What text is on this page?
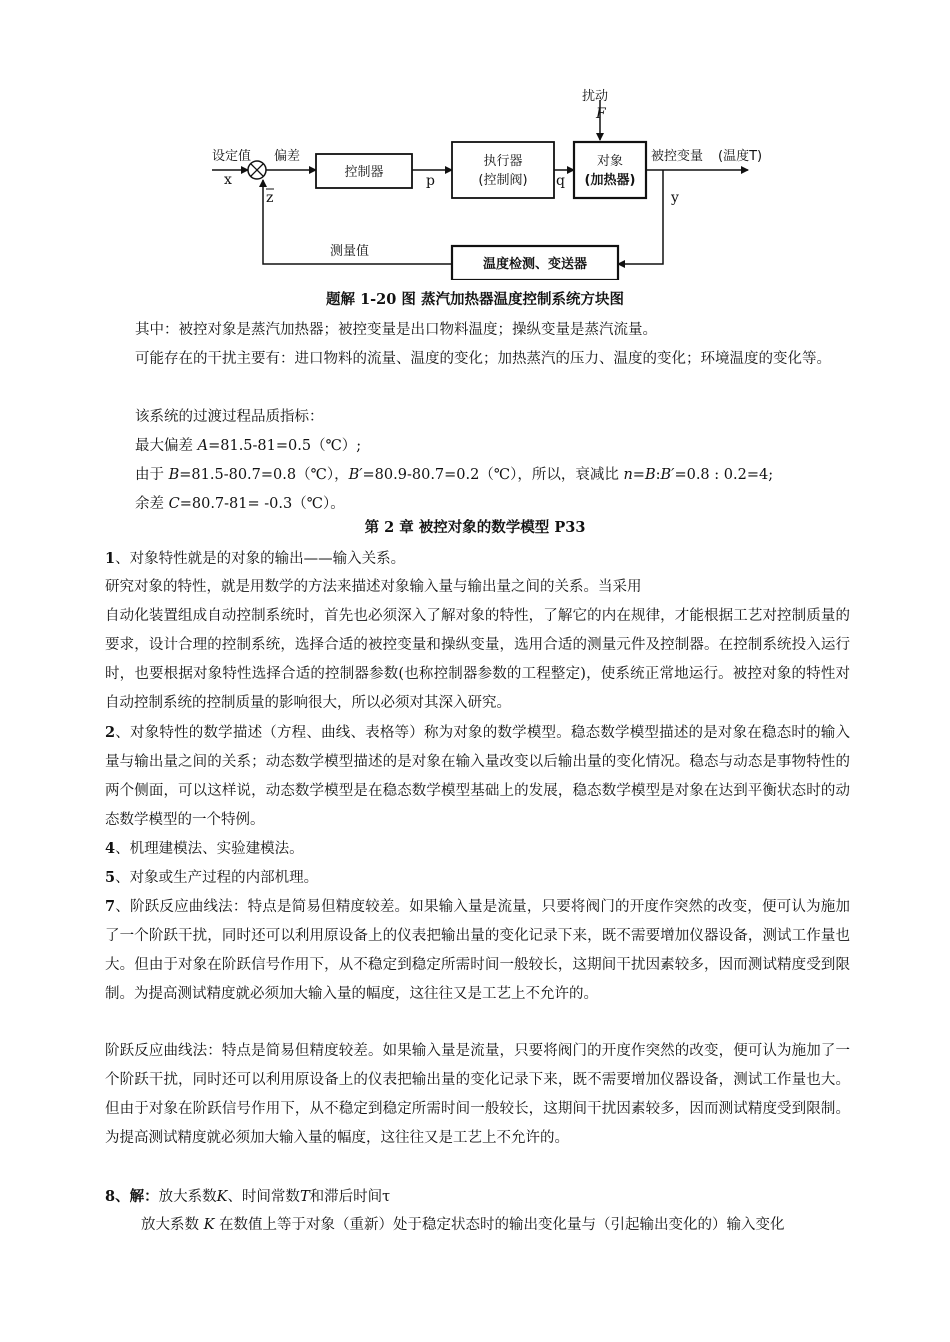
扰动
F
设定值
x
偏差
z
控制器
p
执行器
(控制阀) q
对象
(加热器)
被控变量 (温度T)
y
温度检测、变送器
测量值
题解 1-20 图 蒸汽加热器温度控制系统方块图

其中：被控对象是蒸汽加热器；被控变量是出口物料温度；操纵变量是蒸汽流量。

可能存在的干扰主要有：进口物料的流量、温度的变化；加热蒸汽的压力、温度的变化；环境温度的变化等。

该系统的过渡过程品质指标：

最大偏差 A=81.5-81=0.5（℃）;

由于 B=81.5-80.7=0.8（℃），B′=80.9-80.7=0.2（℃），所以，衰减比 n=B:B′=0.8 : 0.2=4;

余差 C=80.7-81= -0.3（℃）。

第 2 章 被控对象的数学模型 P33

1、对象特性就是的对象的输出——输入关系。

研究对象的特性，就是用数学的方法来描述对象输入量与输出量之间的关系。当采用

自动化装置组成自动控制系统时，首先也必须深入了解对象的特性，了解它的内在规律，才能根据工艺对控制质量的要求，设计合理的控制系统，选择合适的被控变量和操纵变量，选用合适的测量元件及控制器。在控制系统投入运行时，也要根据对象特性选择合适的控制器参数(也称控制器参数的工程整定)，使系统正常地运行。被控对象的特性对自动控制系统的控制质量的影响很大，所以必须对其深入研究。

2、对象特性的数学描述（方程、曲线、表格等）称为对象的数学模型。稳态数学模型描述的是对象在稳态时的输入量与输出量之间的关系；动态数学模型描述的是对象在输入量改变以后输出量的变化情况。稳态与动态是事物特性的两个侧面，可以这样说，动态数学模型是在稳态数学模型基础上的发展，稳态数学模型是对象在达到平衡状态时的动态数学模型的一个特例。

4、机理建模法、实验建模法。

5、对象或生产过程的内部机理。

7、阶跃反应曲线法：特点是简易但精度较差。如果输入量是流量，只要将阀门的开度作突然的改变，便可认为施加了一个阶跃干扰，同时还可以利用原设备上的仪表把输出量的变化记录下来，既不需要增加仪器设备，测试工作量也大。但由于对象在阶跃信号作用下，从不稳定到稳定所需时间一般较长，这期间干扰因素较多，因而测试精度受到限制。为提高测试精度就必须加大输入量的幅度，这往往又是工艺上不允许的。

阶跃反应曲线法：特点是简易但精度较差。如果输入量是流量，只要将阀门的开度作突然的改变，便可认为施加了一个阶跃干扰，同时还可以利用原设备上的仪表把输出量的变化记录下来，既不需要增加仪器设备，测试工作量也大。但由于对象在阶跃信号作用下，从不稳定到稳定所需时间一般较长，这期间干扰因素较多，因而测试精度受到限制。为提高测试精度就必须加大输入量的幅度，这往往又是工艺上不允许的。

8、解：放大系数K、时间常数T和滞后时间τ

放大系数 K 在数值上等于对象（重新）处于稳定状态时的输出变化量与（引起输出变化的）输入变化
